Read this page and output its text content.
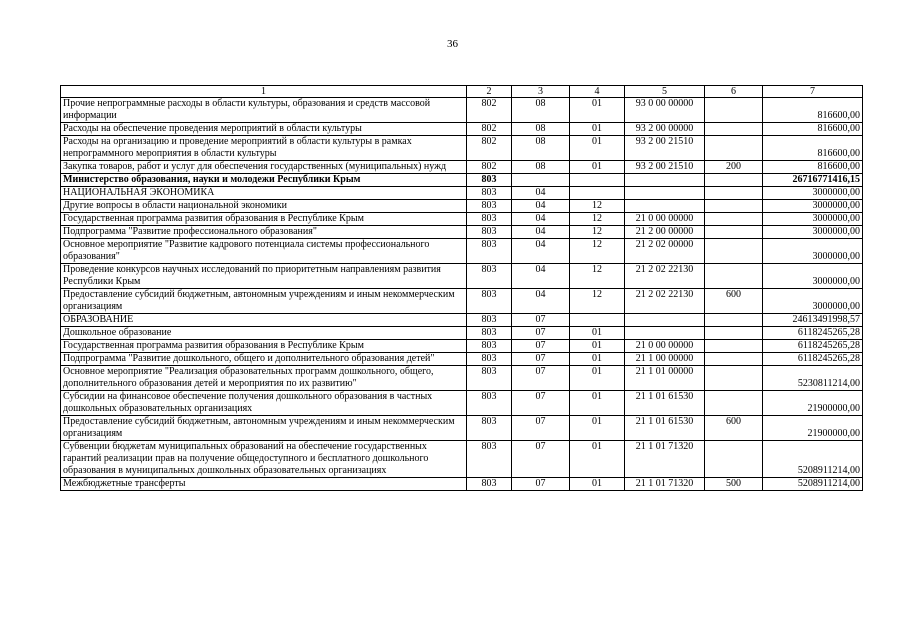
36
1	2	3	4	5	6	7
Прочие непрограммные расходы в области культуры, образования и средств массовой информации	802	08	01	93 0 00 00000		816600,00
Расходы на обеспечение проведения мероприятий в области культуры	802	08	01	93 2 00 00000		816600,00
Расходы на организацию и проведение мероприятий в области культуры в рамках непрограммного мероприятия в области культуры	802	08	01	93 2 00 21510		816600,00
Закупка товаров, работ и услуг для обеспечения государственных (муниципальных) нужд	802	08	01	93 2 00 21510	200	816600,00
Министерство образования, науки и молодежи Республики Крым	803					26716771416,15
НАЦИОНАЛЬНАЯ ЭКОНОМИКА	803	04				3000000,00
Другие вопросы в области национальной экономики	803	04	12			3000000,00
Государственная программа развития образования в Республике Крым	803	04	12	21 0 00 00000		3000000,00
Подпрограмма "Развитие профессионального образования"	803	04	12	21 2 00 00000		3000000,00
Основное мероприятие "Развитие кадрового потенциала системы профессионального образования"	803	04	12	21 2 02 00000		3000000,00
Проведение конкурсов научных исследований по приоритетным направлениям развития Республики Крым	803	04	12	21 2 02 22130		3000000,00
Предоставление субсидий бюджетным, автономным учреждениям и иным некоммерческим организациям	803	04	12	21 2 02 22130	600	3000000,00
ОБРАЗОВАНИЕ	803	07				24613491998,57
Дошкольное образование	803	07	01			6118245265,28
Государственная программа развития образования в Республике Крым	803	07	01	21 0 00 00000		6118245265,28
Подпрограмма "Развитие дошкольного, общего и дополнительного образования детей"	803	07	01	21 1 00 00000		6118245265,28
Основное мероприятие "Реализация образовательных программ дошкольного, общего, дополнительного образования детей и мероприятия по их развитию"	803	07	01	21 1 01 00000		5230811214,00
Субсидии на финансовое обеспечение получения дошкольного образования в частных дошкольных образовательных организациях	803	07	01	21 1 01 61530		21900000,00
Предоставление субсидий бюджетным, автономным учреждениям и иным некоммерческим организациям	803	07	01	21 1 01 61530	600	21900000,00
Субвенции бюджетам муниципальных образований на обеспечение государственных гарантий реализации прав на получение общедоступного и бесплатного дошкольного образования в муниципальных дошкольных образовательных организациях	803	07	01	21 1 01 71320		5208911214,00
Межбюджетные трансферты	803	07	01	21 1 01 71320	500	5208911214,00
